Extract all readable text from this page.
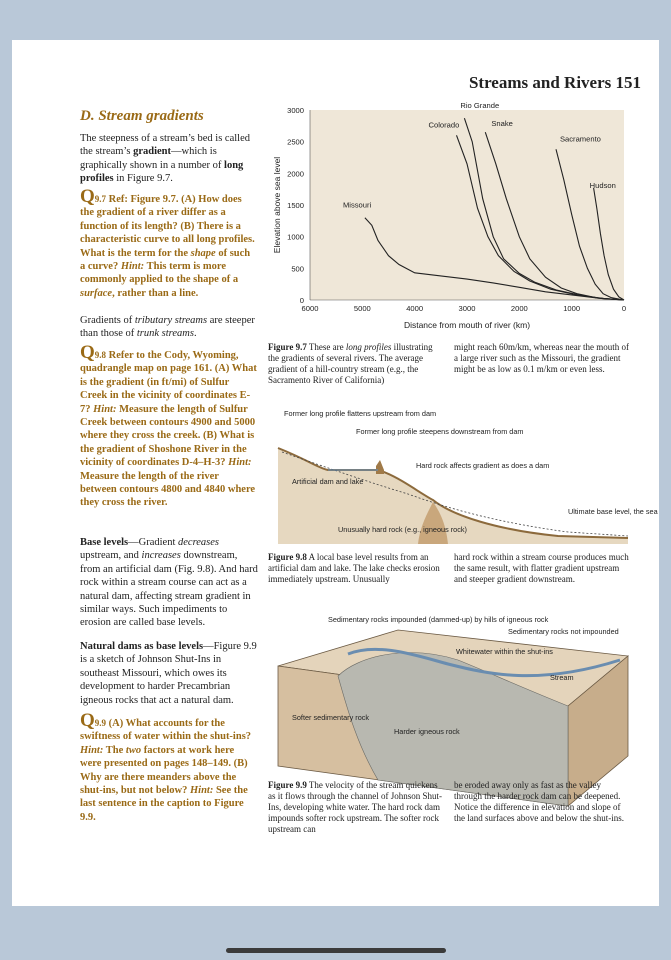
Streams and Rivers 151
D. Stream gradients
The steepness of a stream’s bed is called the stream’s gradient—which is graphically shown in a number of long profiles in Figure 9.7.
Q9.7 Ref: Figure 9.7. (A) How does the gradient of a river differ as a function of its length? (B) There is a characteristic curve to all long profiles. What is the term for the shape of such a curve? Hint: This term is more commonly applied to the shape of a surface, rather than a line.
Gradients of tributary streams are steeper than those of trunk streams.
Q9.8 Refer to the Cody, Wyoming, quadrangle map on page 161. (A) What is the gradient (in ft/mi) of Sulfur Creek in the vicinity of coordinates E-7? Hint: Measure the length of Sulfur Creek between contours 4900 and 5000 where they cross the creek. (B) What is the gradient of Shoshone River in the vicinity of coordinates D-4–H-3? Hint: Measure the length of the river between contours 4800 and 4840 where they cross the river.
Base levels—Gradient decreases upstream, and increases downstream, from an artificial dam (Fig. 9.8). And hard rock within a stream course can act as a natural dam, affecting stream gradient in similar ways. Such impediments to erosion are called base levels.
Natural dams as base levels—Figure 9.9 is a sketch of Johnson Shut-Ins in southeast Missouri, which owes its development to harder Precambrian igneous rocks that act a natural dam.
Q9.9 (A) What accounts for the swiftness of water within the shut-ins? Hint: The two factors at work here were presented on pages 148–149. (B) Why are there meanders above the shut-ins, but not below? Hint: See the last sentence in the caption to Figure 9.9.
0
500
1000
1500
2000
2500
3000
6000	5000	4000	3000	2000	1000	0
Missouri
Colorado
Rio Grande
Snake
Sacramento
Hudson
Elevation above sea level
Distance from mouth of river (km)
Figure 9.7 These are long profiles illustrating the gradients of several rivers. The average gradient of a hill-country stream (e.g., the Sacramento River of California)
might reach 60m/km, whereas near the mouth of a large river such as the Missouri, the gradient might be as low as 0.1 m/km or even less.
Former long profile flattens upstream from dam
Former long profile steepens downstream from dam
Hard rock affects gradient as does a dam
Artificial dam and lake
Unusually hard rock (e.g., igneous rock)
Ultimate base level, the sea
Figure 9.8 A local base level results from an artificial dam and lake. The lake checks erosion immediately upstream. Unusually
hard rock within a stream course produces much the same result, with flatter gradient upstream and steeper gradient downstream.
Sedimentary rocks impounded (dammed-up) by hills of igneous rock
Sedimentary rocks not impounded
Whitewater within the shut-ins
Stream
Softer sedimentary rock
Harder igneous rock
Figure 9.9 The velocity of the stream quickens as it flows through the channel of Johnson Shut-Ins, developing white water. The hard rock dam impounds softer rock upstream. The softer rock upstream can
be eroded away only as fast as the valley through the harder rock dam can be deepened. Notice the difference in elevation and slope of the land surfaces above and below the shut-ins.
